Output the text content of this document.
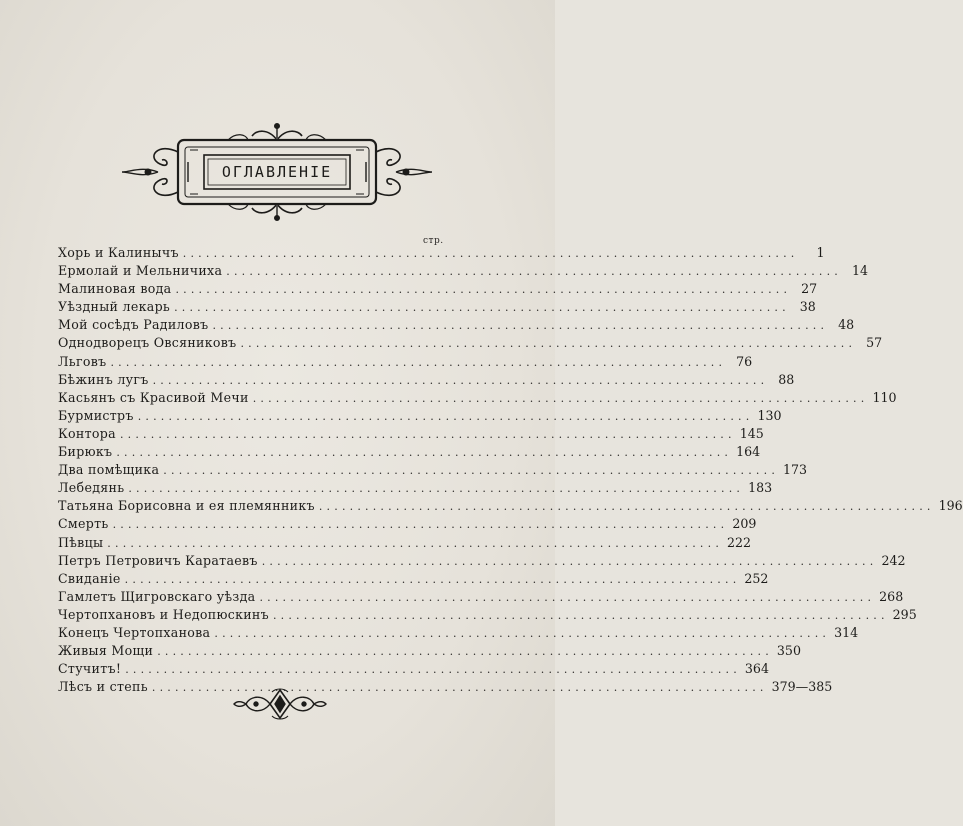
ОГЛАВЛЕНІЕ
стр.
Хорь и Калинычъ ................................................................................	1
Ермолай и Мельничиха ................................................................................ 14
Малиновая вода ................................................................................ 27
Уѣздный лекарь ................................................................................ 38
Мой сосѣдъ Радиловъ ................................................................................ 48
Однодворецъ Овсяниковъ ................................................................................ 57
Льговъ ................................................................................ 76
Бѣжинъ лугъ ................................................................................ 88
Касьянъ съ Красивой Мечи ................................................................................ 110
Бурмистръ ................................................................................ 130
Контора ................................................................................ 145
Бирюкъ ................................................................................ 164
Два помѣщика ................................................................................ 173
Лебедянь ................................................................................ 183
Татьяна Борисовна и ея племянникъ ................................................................................ 196
Смерть ................................................................................ 209
Пѣвцы ................................................................................ 222
Петръ Петровичъ Каратаевъ ................................................................................ 242
Свиданіе ................................................................................ 252
Гамлетъ Щигровскаго уѣзда ................................................................................ 268
Чертопхановъ и Недопюскинъ ................................................................................ 295
Конецъ Чертопханова ................................................................................ 314
Живыя Мощи ................................................................................ 350
Стучитъ! ................................................................................ 364
Лѣсъ и степь ................................................................................ 379—385
